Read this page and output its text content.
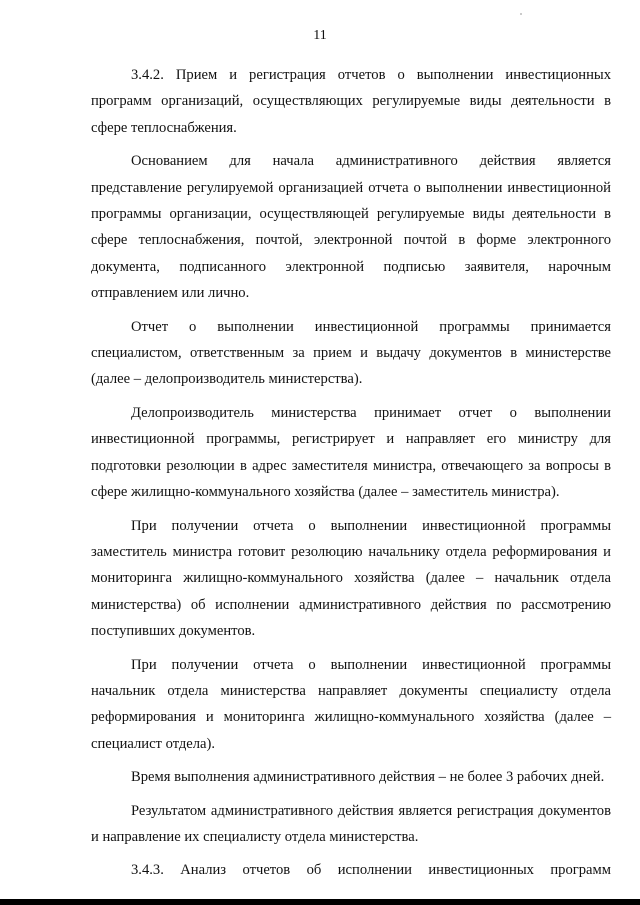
11

3.4.2. Прием и регистрация отчетов о выполнении инвестиционных программ организаций, осуществляющих регулируемые виды деятельности в сфере теплоснабжения.

Основанием для начала административного действия является представление регулируемой организацией отчета о выполнении инвестиционной программы организации, осуществляющей регулируемые виды деятельности в сфере теплоснабжения, почтой, электронной почтой в форме электронного документа, подписанного электронной подписью заявителя, нарочным отправлением или лично.

Отчет о выполнении инвестиционной программы принимается специалистом, ответственным за прием и выдачу документов в министерстве (далее – делопроизводитель министерства).

Делопроизводитель министерства принимает отчет о выполнении инвестиционной программы, регистрирует и направляет его министру для подготовки резолюции в адрес заместителя министра, отвечающего за вопросы в сфере жилищно-коммунального хозяйства (далее – заместитель министра).

При получении отчета о выполнении инвестиционной программы заместитель министра готовит резолюцию начальнику отдела реформирования и мониторинга жилищно-коммунального хозяйства (далее – начальник отдела министерства) об исполнении административного действия по рассмотрению поступивших документов.

При получении отчета о выполнении инвестиционной программы начальник отдела министерства направляет документы специалисту отдела реформирования и мониторинга жилищно-коммунального хозяйства (далее – специалист отдела).

Время выполнения административного действия – не более 3 рабочих дней.

Результатом административного действия является регистрация документов и направление их специалисту отдела министерства.

3.4.3. Анализ отчетов об исполнении инвестиционных программ
